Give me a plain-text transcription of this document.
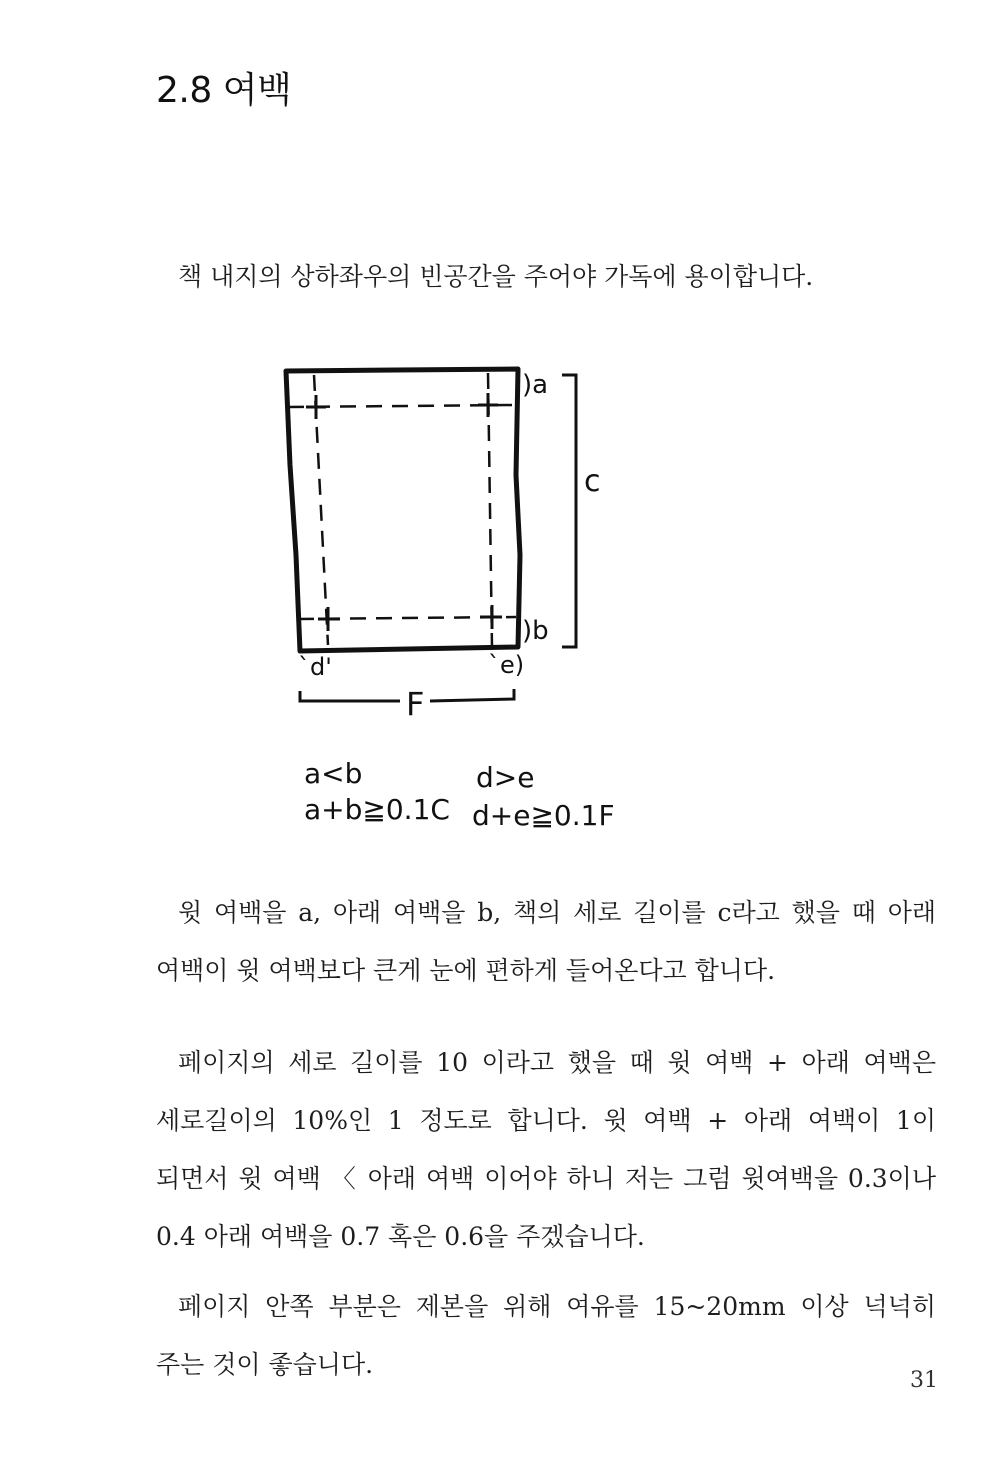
2.8 여백

책 내지의 상하좌우의 빈공간을 주어야 가독에 용이합니다.

)a
)b
c
`d'	`e)
F
a<b
a+b≧0.1C
d>e
d+e≧0.1F

윗 여백을 a, 아래 여백을 b, 책의 세로 길이를 c라고 했을 때 아래 여백이 윗 여백보다 큰게 눈에 편하게 들어온다고 합니다.

페이지의 세로 길이를 10 이라고 했을 때 윗 여백 + 아래 여백은 세로길이의 10%인 1 정도로 합니다. 윗 여백 + 아래 여백이 1이 되면서 윗 여백 〈 아래 여백 이어야 하니 저는 그럼 윗여백을 0.3이나 0.4 아래 여백을 0.7 혹은 0.6을 주겠습니다.

페이지 안쪽 부분은 제본을 위해 여유를 15~20mm 이상 넉넉히 주는 것이 좋습니다.

31
